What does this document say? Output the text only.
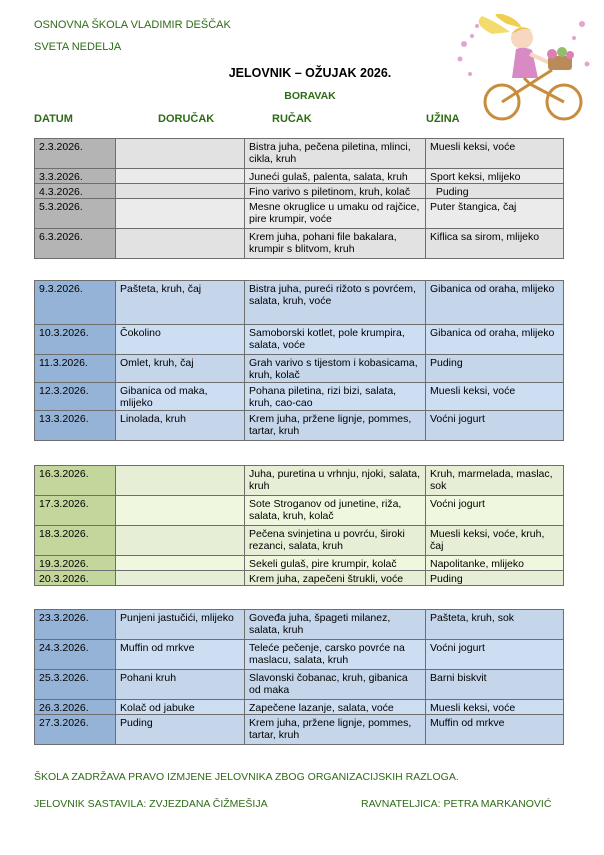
OSNOVNA ŠKOLA VLADIMIR DEŠČAK
SVETA NEDELJA
JELOVNIK – OŽUJAK 2026.
BORAVAK
DATUM	DORUČAK	RUČAK	UŽINA
2.3.2026.		Bistra juha, pečena piletina, mlinci, cikla, kruh	Muesli keksi, voće
3.3.2026.		Juneći gulaš, palenta, salata, kruh	Sport keksi, mlijeko
4.3.2026.		Fino varivo s piletinom, kruh, kolač	Puding
5.3.2026.		Mesne okruglice u umaku od rajčice, pire krumpir, voće	Puter štangica, čaj
6.3.2026.		Krem juha, pohani file bakalara, krumpir s blitvom, kruh	Kiflica sa sirom, mlijeko
9.3.2026.	Pašteta, kruh, čaj	Bistra juha, pureći rižoto s povrćem, salata, kruh, voće	Gibanica od oraha, mlijeko
10.3.2026.	Čokolino	Samoborski kotlet, pole krumpira, salata, voće	Gibanica od oraha, mlijeko
11.3.2026.	Omlet, kruh, čaj	Grah varivo s tijestom i kobasicama, kruh, kolač	Puding
12.3.2026.	Gibanica od maka, mlijeko	Pohana piletina, rizi bizi, salata, kruh, cao-cao	Muesli keksi, voće
13.3.2026.	Linolada, kruh	Krem juha, pržene lignje, pommes, tartar, kruh	Voćni jogurt
16.3.2026.		Juha, puretina u vrhnju, njoki, salata, kruh	Kruh, marmelada, maslac, sok
17.3.2026.		Sote Stroganov od junetine, riža, salata, kruh, kolač	Voćni jogurt
18.3.2026.		Pečena svinjetina u povrću, široki rezanci, salata, kruh	Muesli keksi, voće, kruh, čaj
19.3.2026.		Sekeli gulaš, pire krumpir, kolač	Napolitanke, mlijeko
20.3.2026.		Krem juha, zapečeni štrukli, voće	Puding
23.3.2026.	Punjeni jastučići, mlijeko	Goveđa juha, špageti milanez, salata, kruh	Pašteta, kruh, sok
24.3.2026.	Muffin od mrkve	Teleće pečenje, carsko povrće na maslacu, salata, kruh	Voćni jogurt
25.3.2026.	Pohani kruh	Slavonski čobanac, kruh, gibanica od maka	Barni biskvit
26.3.2026.	Kolač od jabuke	Zapečene lazanje, salata, voće	Muesli keksi, voće
27.3.2026.	Puding	Krem juha, pržene lignje, pommes, tartar, kruh	Muffin od mrkve
ŠKOLA ZADRŽAVA PRAVO IZMJENE JELOVNIKA ZBOG ORGANIZACIJSKIH RAZLOGA.
JELOVNIK SASTAVILA: ZVJEZDANA ČIŽMEŠIJA	RAVNATELJICA: PETRA MARKANOVIĆ
